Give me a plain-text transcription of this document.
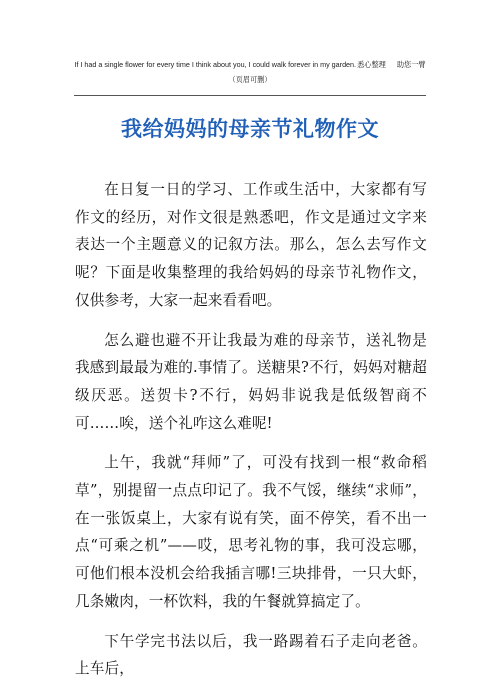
If I had a single flower for every time I think about you, I could walk forever in my garden.悉心整理 助您一臂
（页眉可删）
我给妈妈的母亲节礼物作文

在日复一日的学习、工作或生活中，大家都有写作文的经历，对作文很是熟悉吧，作文是通过文字来表达一个主题意义的记叙方法。那么，怎么去写作文呢？下面是收集整理的我给妈妈的母亲节礼物作文，仅供参考，大家一起来看看吧。

怎么避也避不开让我最为难的母亲节，送礼物是我感到最最为难的.事情了。送糖果?不行，妈妈对糖超级厌恶。送贺卡?不行，妈妈非说我是低级智商不可……唉，送个礼咋这么难呢!

上午，我就“拜师”了，可没有找到一根“救命稻草”，别提留一点点印记了。我不气馁，继续“求师”，在一张饭桌上，大家有说有笑，面不停笑，看不出一点“可乘之机”——哎，思考礼物的事，我可没忘哪，可他们根本没机会给我插言哪!三块排骨，一只大虾，几条嫩肉，一杯饮料，我的午餐就算搞定了。

下午学完书法以后，我一路踢着石子走向老爸。上车后，
